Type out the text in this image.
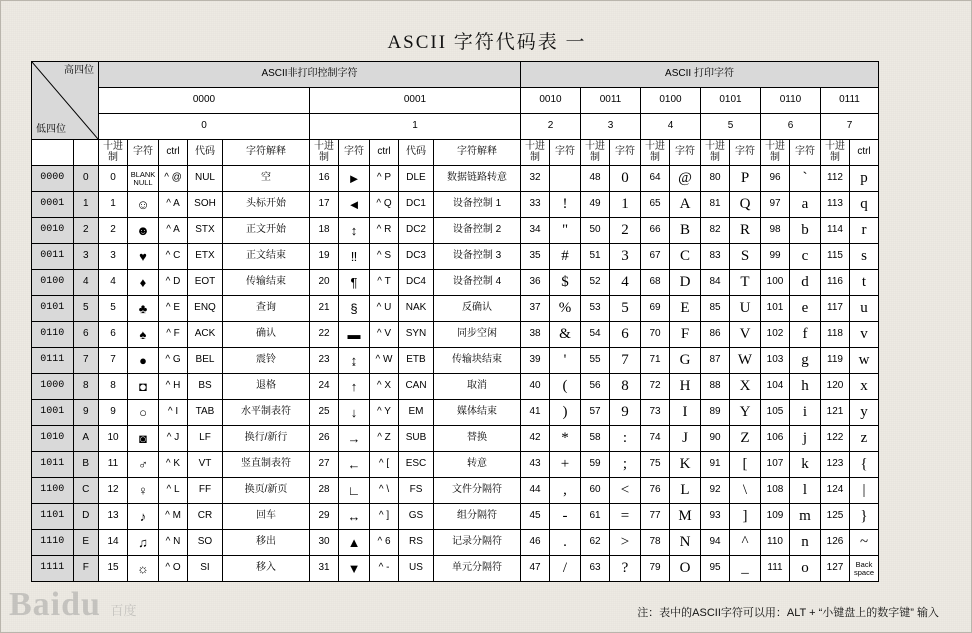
ASCII 字符代码表 一
高四位
低四位		ASCII非打印控制字符										ASCII 打印字符											
		0000					0001					0010		0011		0100		0101		0110		0111	
		0					1					2		3		4		5		6		7	
		十进制	字符	ctrl	代码	字符解释	十进制	字符	ctrl	代码	字符解释	十进制	字符	十进制	字符	十进制	字符	十进制	字符	十进制	字符	十进制	ctrl
0000	0	0	BLANK NULL	^ @	NUL	空	16	►	^ P	DLE	数据链路转意	32		48	0	64	@	80	P	96	`	112	p
0001	1	1	☺	^ A	SOH	头标开始	17	◄	^ Q	DC1	设备控制 1	33	!	49	1	65	A	81	Q	97	a	113	q
0010	2	2	☻	^ A	STX	正文开始	18	↕	^ R	DC2	设备控制 2	34	"	50	2	66	B	82	R	98	b	114	r
0011	3	3	♥	^ C	ETX	正文结束	19	‼	^ S	DC3	设备控制 3	35	#	51	3	67	C	83	S	99	c	115	s
0100	4	4	♦	^ D	EOT	传输结束	20	¶	^ T	DC4	设备控制 4	36	$	52	4	68	D	84	T	100	d	116	t
0101	5	5	♣	^ E	ENQ	查询	21	§	^ U	NAK	反确认	37	%	53	5	69	E	85	U	101	e	117	u
0110	6	6	♠	^ F	ACK	确认	22	▬	^ V	SYN	同步空闲	38	&	54	6	70	F	86	V	102	f	118	v
0111	7	7	●	^ G	BEL	震铃	23	↨	^ W	ETB	传输块结束	39	'	55	7	71	G	87	W	103	g	119	w
1000	8	8	◘	^ H	BS	退格	24	↑	^ X	CAN	取消	40	(	56	8	72	H	88	X	104	h	120	x
1001	9	9	○	^ I	TAB	水平制表符	25	↓	^ Y	EM	媒体结束	41	)	57	9	73	I	89	Y	105	i	121	y
1010	A	10	◙	^ J	LF	换行/新行	26	→	^ Z	SUB	替换	42	*	58	:	74	J	90	Z	106	j	122	z
1011	B	11	♂	^ K	VT	竖直制表符	27	←	^ [	ESC	转意	43	+	59	;	75	K	91	[	107	k	123	{
1100	C	12	♀	^ L	FF	换页/新页	28	∟	^ \	FS	文件分隔符	44	,	60	<	76	L	92	\	108	l	124	|
1101	D	13	♪	^ M	CR	回车	29	↔	^ ]	GS	组分隔符	45	-	61	=	77	M	93	]	109	m	125	}
1110	E	14	♫	^ N	SO	移出	30	▲	^ 6	RS	记录分隔符	46	.	62	>	78	N	94	^	110	n	126	~
1111	F	15	☼	^ O	SI	移入	31	▼	^ -	US	单元分隔符	47	/	63	?	79	O	95	_	111	o	127	Back space
注：表中的ASCII字符可以用：ALT + “小键盘上的数字键” 输入
Baidu 百度
